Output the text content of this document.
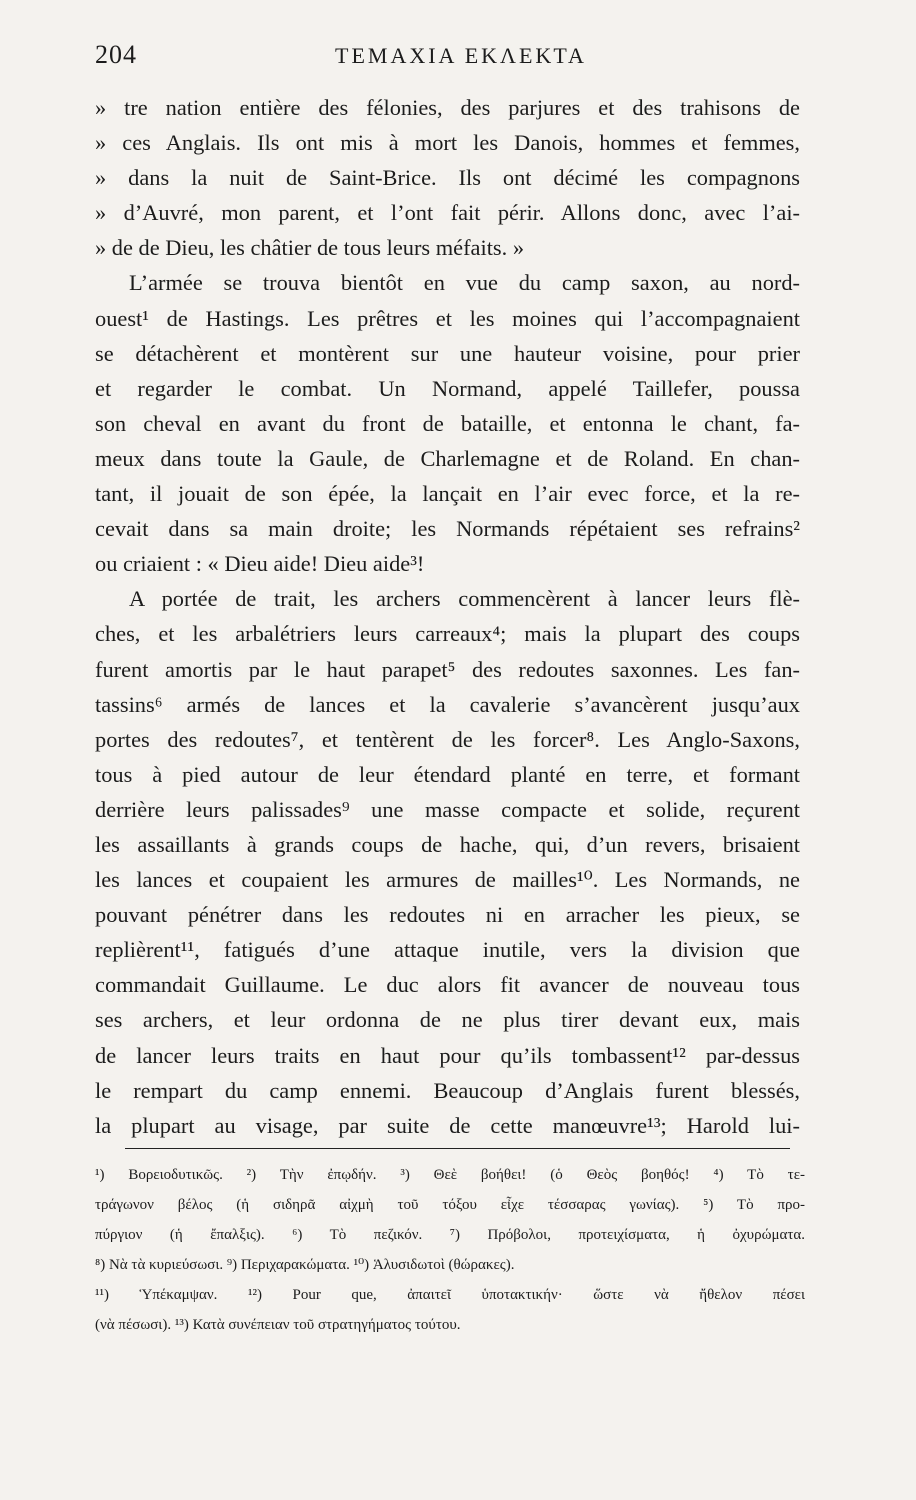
204	ΤΕΜΑΧΙΑ ΕΚΛΕΚΤΑ
» tre nation entière des félonies, des parjures et des trahisons de
» ces Anglais. Ils ont mis à mort les Danois, hommes et femmes,
» dans la nuit de Saint-Brice. Ils ont décimé les compagnons
» d’Auvré, mon parent, et l’ont fait périr. Allons donc, avec l’ai-
» de de Dieu, les châtier de tous leurs méfaits. »
L’armée se trouva bientôt en vue du camp saxon, au nord-
ouest¹ de Hastings. Les prêtres et les moines qui l’accompagnaient
se détachèrent et montèrent sur une hauteur voisine, pour prier
et regarder le combat. Un Normand, appelé Taillefer, poussa
son cheval en avant du front de bataille, et entonna le chant, fa-
meux dans toute la Gaule, de Charlemagne et de Roland. En chan-
tant, il jouait de son épée, la lançait en l’air evec force, et la re-
cevait dans sa main droite; les Normands répétaient ses refrains²
ou criaient : « Dieu aide! Dieu aide³!
A portée de trait, les archers commencèrent à lancer leurs flè-
ches, et les arbalétriers leurs carreaux⁴; mais la plupart des coups
furent amortis par le haut parapet⁵ des redoutes saxonnes. Les fan-
tassins⁶ armés de lances et la cavalerie s’avancèrent jusqu’aux
portes des redoutes⁷, et tentèrent de les forcer⁸. Les Anglo-Saxons,
tous à pied autour de leur étendard planté en terre, et formant
derrière leurs palissades⁹ une masse compacte et solide, reçurent
les assaillants à grands coups de hache, qui, d’un revers, brisaient
les lances et coupaient les armures de mailles¹⁰. Les Normands, ne
pouvant pénétrer dans les redoutes ni en arracher les pieux, se
replièrent¹¹, fatigués d’une attaque inutile, vers la division que
commandait Guillaume. Le duc alors fit avancer de nouveau tous
ses archers, et leur ordonna de ne plus tirer devant eux, mais
de lancer leurs traits en haut pour qu’ils tombassent¹² par-dessus
le rempart du camp ennemi. Beaucoup d’Anglais furent blessés,
la plupart au visage, par suite de cette manœuvre¹³; Harold lui-
¹) Βορειοδυτικῶς. ²) Τὴν ἐπῳδήν. ³) Θεὲ βοήθει! (ὁ Θεὸς βοηθός! ⁴) Τὸ τε-
τράγωνον βέλος (ἡ σιδηρᾶ αἰχμὴ τοῦ τόξου εἶχε τέσσαρας γωνίας). ⁵) Τὸ προ-
πύργιον (ἡ ἔπαλξις). ⁶) Τὸ πεζικόν. ⁷) Πρόβολοι, προτειχίσματα, ἡ ὀχυρώματα.
⁸) Νὰ τὰ κυριεύσωσι. ⁹) Περιχαρακώματα. ¹⁰) Ἁλυσιδωτοὶ (θώρακες).
¹¹) Ὑπέκαμψαν. ¹²) Pour que, ἀπαιτεῖ ὑποτακτικήν· ὥστε νὰ ἤθελον πέσει
(νὰ πέσωσι). ¹³) Κατὰ συνέπειαν τοῦ στρατηγήματος τούτου.
